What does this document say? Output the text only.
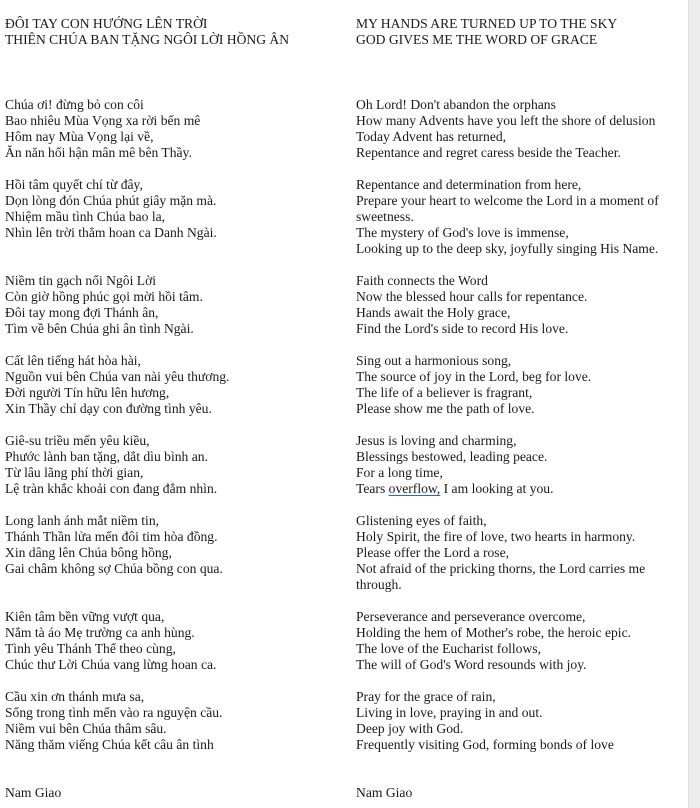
ĐÔI TAY CON HƯỚNG LÊN TRỜI
THIÊN CHÚA BAN TẶNG NGÔI LỜI HỒNG ÂN
Chúa ơi! đừng bỏ con côi
Bao nhiêu Mùa Vọng xa rời bến mê
Hôm nay Mùa Vọng lại về,
Ăn năn hối hận mân mê bên Thầy.
Hồi tâm quyết chí từ đây,
Dọn lòng đón Chúa phút giây mặn mà.
Nhiệm mầu tình Chúa bao la,
Nhìn lên trời thẳm hoan ca Danh Ngài.
Niềm tin gạch nối Ngôi Lời
Còn giờ hồng phúc gọi mời hồi tâm.
Đôi tay mong đợi Thánh ân,
Tìm về bên Chúa ghi ân tình Ngài.
Cất lên tiếng hát hòa hài,
Nguồn vui bên Chúa van nài yêu thương.
Đời người Tín hữu lên hương,
Xin Thầy chỉ dạy con đường tình yêu.
Giê-su triều mến yêu kiều,
Phước lành ban tặng, dắt dìu bình an.
Từ lâu lãng phí thời gian,
Lệ tràn khắc khoải con đang đắm nhìn.
Long lanh ánh mắt niềm tin,
Thánh Thần lửa mến đôi tim hòa đồng.
Xin dâng lên Chúa bông hồng,
Gai châm không sợ Chúa bồng con qua.
Kiên tâm bền vững vượt qua,
Nắm tà áo Mẹ trường ca anh hùng.
Tình yêu Thánh Thể theo cùng,
Chúc thư Lời Chúa vang lừng hoan ca.
Cầu xin ơn thánh mưa sa,
Sống trong tình mến vào ra nguyện cầu.
Niềm vui bên Chúa thâm sâu.
Năng thăm viếng Chúa kết câu ân tình
Nam Giao
MY HANDS ARE TURNED UP TO THE SKY
GOD GIVES ME THE WORD OF GRACE
Oh Lord! Don't abandon the orphans
How many Advents have you left the shore of delusion
Today Advent has returned,
Repentance and regret caress beside the Teacher.
Repentance and determination from here,
Prepare your heart to welcome the Lord in a moment of sweetness.
The mystery of God's love is immense,
Looking up to the deep sky, joyfully singing His Name.
Faith connects the Word
Now the blessed hour calls for repentance.
Hands await the Holy grace,
Find the Lord's side to record His love.
Sing out a harmonious song,
The source of joy in the Lord, beg for love.
The life of a believer is fragrant,
Please show me the path of love.
Jesus is loving and charming,
Blessings bestowed, leading peace.
For a long time,
Tears overflow, I am looking at you.
Glistening eyes of faith,
Holy Spirit, the fire of love, two hearts in harmony.
Please offer the Lord a rose,
Not afraid of the pricking thorns, the Lord carries me through.
Perseverance and perseverance overcome,
Holding the hem of Mother's robe, the heroic epic.
The love of the Eucharist follows,
The will of God's Word resounds with joy.
Pray for the grace of rain,
Living in love, praying in and out.
Deep joy with God.
Frequently visiting God, forming bonds of love
Nam Giao
